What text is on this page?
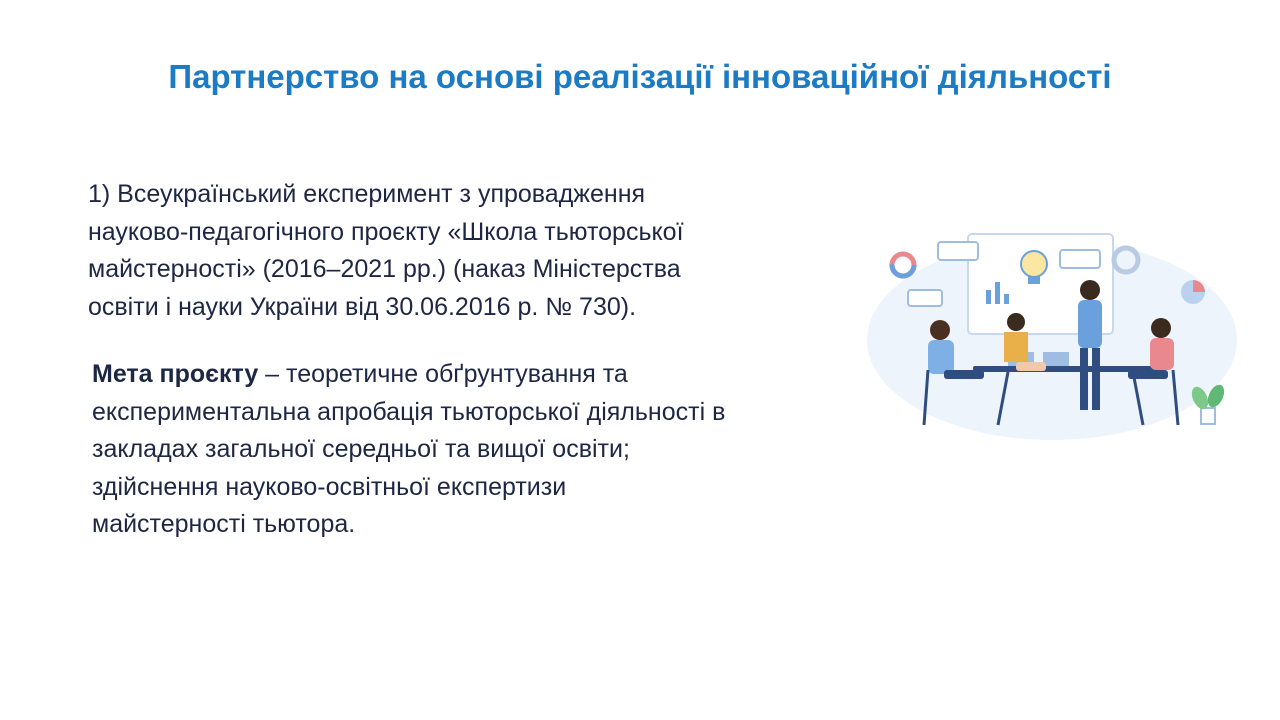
Партнерство на основі реалізації інноваційної діяльності
1) Всеукраїнський експеримент з упровадження
науково-педагогічного проєкту «Школа тьюторської
майстерності» (2016–2021 рр.) (наказ Міністерства
освіти і науки України від 30.06.2016 р. № 730).
Мета проєкту – теоретичне обґрунтування та
експериментальна апробація тьюторської діяльності в
закладах загальної середньої та вищої освіти;
здійснення науково-освітньої експертизи
майстерності тьютора.
